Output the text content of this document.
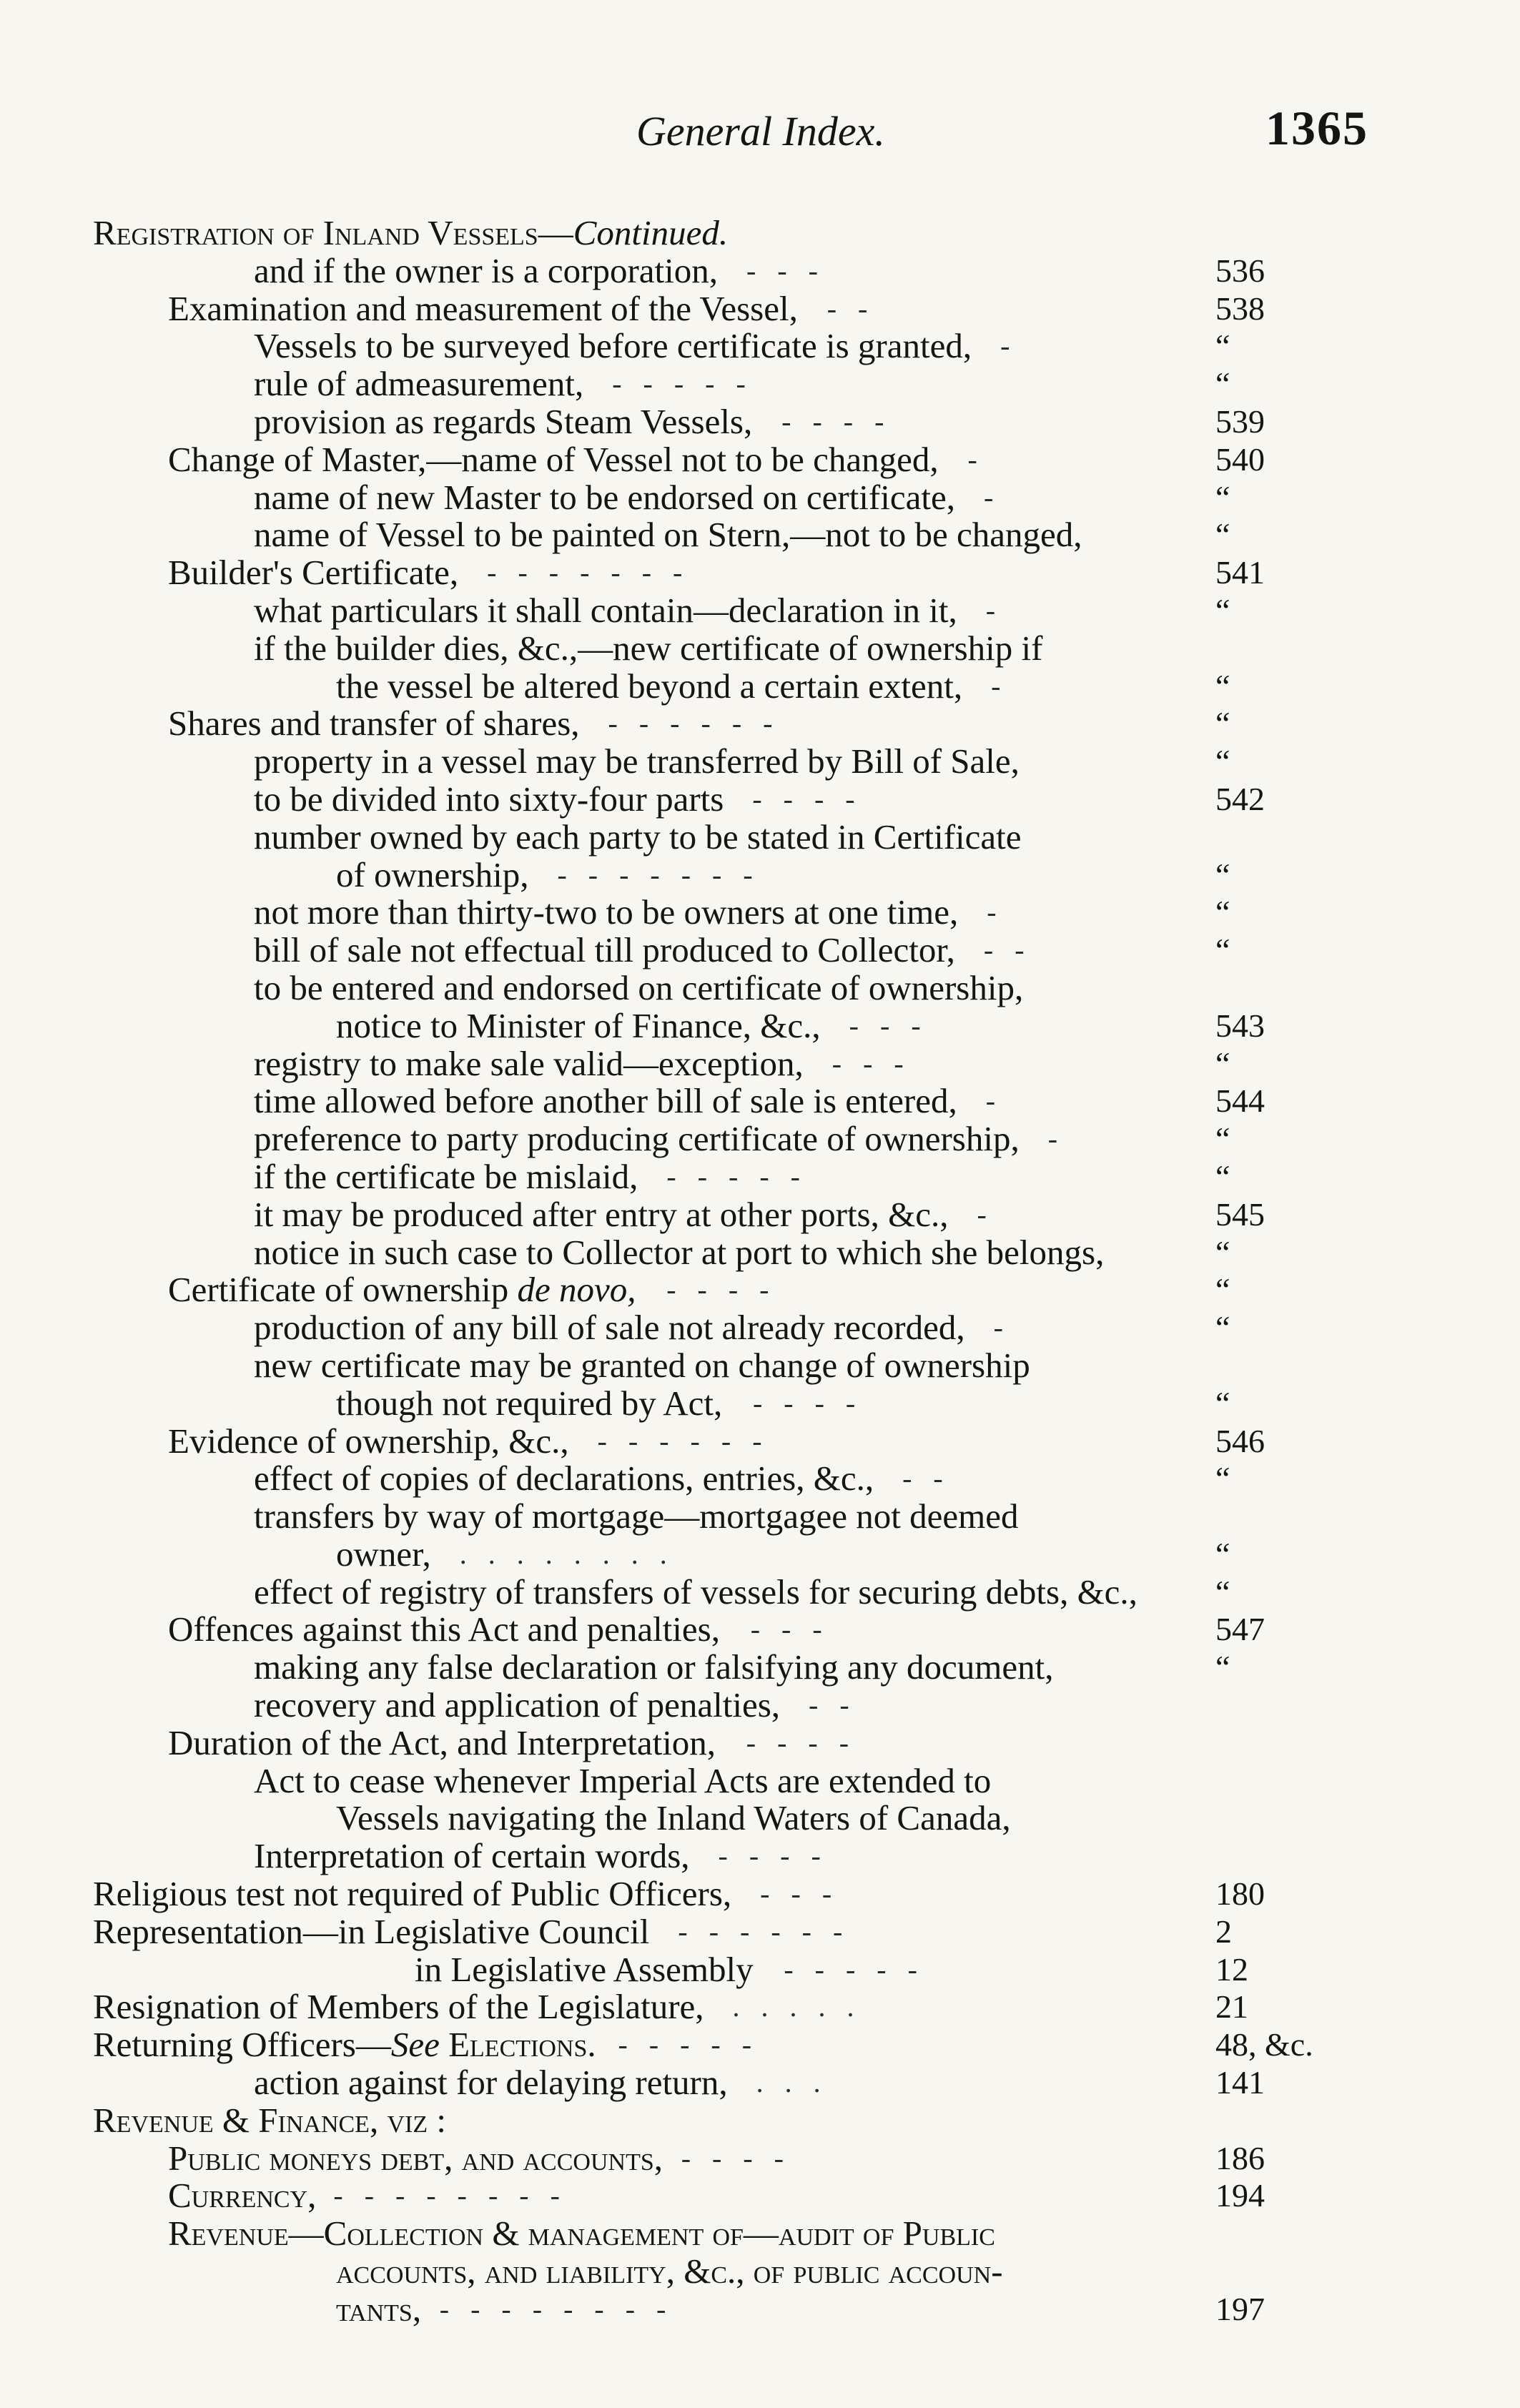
General Index.	1365
Registration of Inland Vessels—Continued.
and if the owner is a corporation, - - -	536
Examination and measurement of the Vessel, - -	538
Vessels to be surveyed before certificate is granted, -	“
rule of admeasurement, - - - - -	“
provision as regards Steam Vessels, - - - -	539
Change of Master,—name of Vessel not to be changed, -	540
name of new Master to be endorsed on certificate, -	“
name of Vessel to be painted on Stern,—not to be changed,	“
Builder's Certificate, - - - - - - -	541
what particulars it shall contain—declaration in it, -	“
if the builder dies, &c.,—new certificate of ownership if
the vessel be altered beyond a certain extent, -	“
Shares and transfer of shares, - - - - - -	“
property in a vessel may be transferred by Bill of Sale,	“
to be divided into sixty-four parts - - - -	542
number owned by each party to be stated in Certificate
of ownership, - - - - - - -	“
not more than thirty-two to be owners at one time, -	“
bill of sale not effectual till produced to Collector, - -	“
to be entered and endorsed on certificate of ownership,
notice to Minister of Finance, &c., - - -	543
registry to make sale valid—exception, - - -	“
time allowed before another bill of sale is entered, -	544
preference to party producing certificate of ownership, -	“
if the certificate be mislaid, - - - - -	“
it may be produced after entry at other ports, &c., -	545
notice in such case to Collector at port to which she belongs,	“
Certificate of ownership de novo, - - - -	“
production of any bill of sale not already recorded, -	“
new certificate may be granted on change of ownership
though not required by Act, - - - -	“
Evidence of ownership, &c., - - - - - -	546
effect of copies of declarations, entries, &c., - -	“
transfers by way of mortgage—mortgagee not deemed
owner, . . . . . . . .	“
effect of registry of transfers of vessels for securing debts, &c., “
Offences against this Act and penalties, - - -	547
making any false declaration or falsifying any document,	“
recovery and application of penalties, - -
Duration of the Act, and Interpretation, - - - -
Act to cease whenever Imperial Acts are extended to
Vessels navigating the Inland Waters of Canada,
Interpretation of certain words, - - - -
Religious test not required of Public Officers, - - -	180
Representation—in Legislative Council - - - - - -	2
in Legislative Assembly - - - - -	12
Resignation of Members of the Legislature, . . . . .	21
Returning Officers—See Elections. - - - - -	48, &c.
action against for delaying return, . . .	141
Revenue & Finance, viz :
Public moneys debt, and accounts, - - - -	186
Currency, - - - - - - - -	194
Revenue—Collection & management of—audit of Public
accounts, and liability, &c., of public accoun-
tants, - - - - - - - -	197
